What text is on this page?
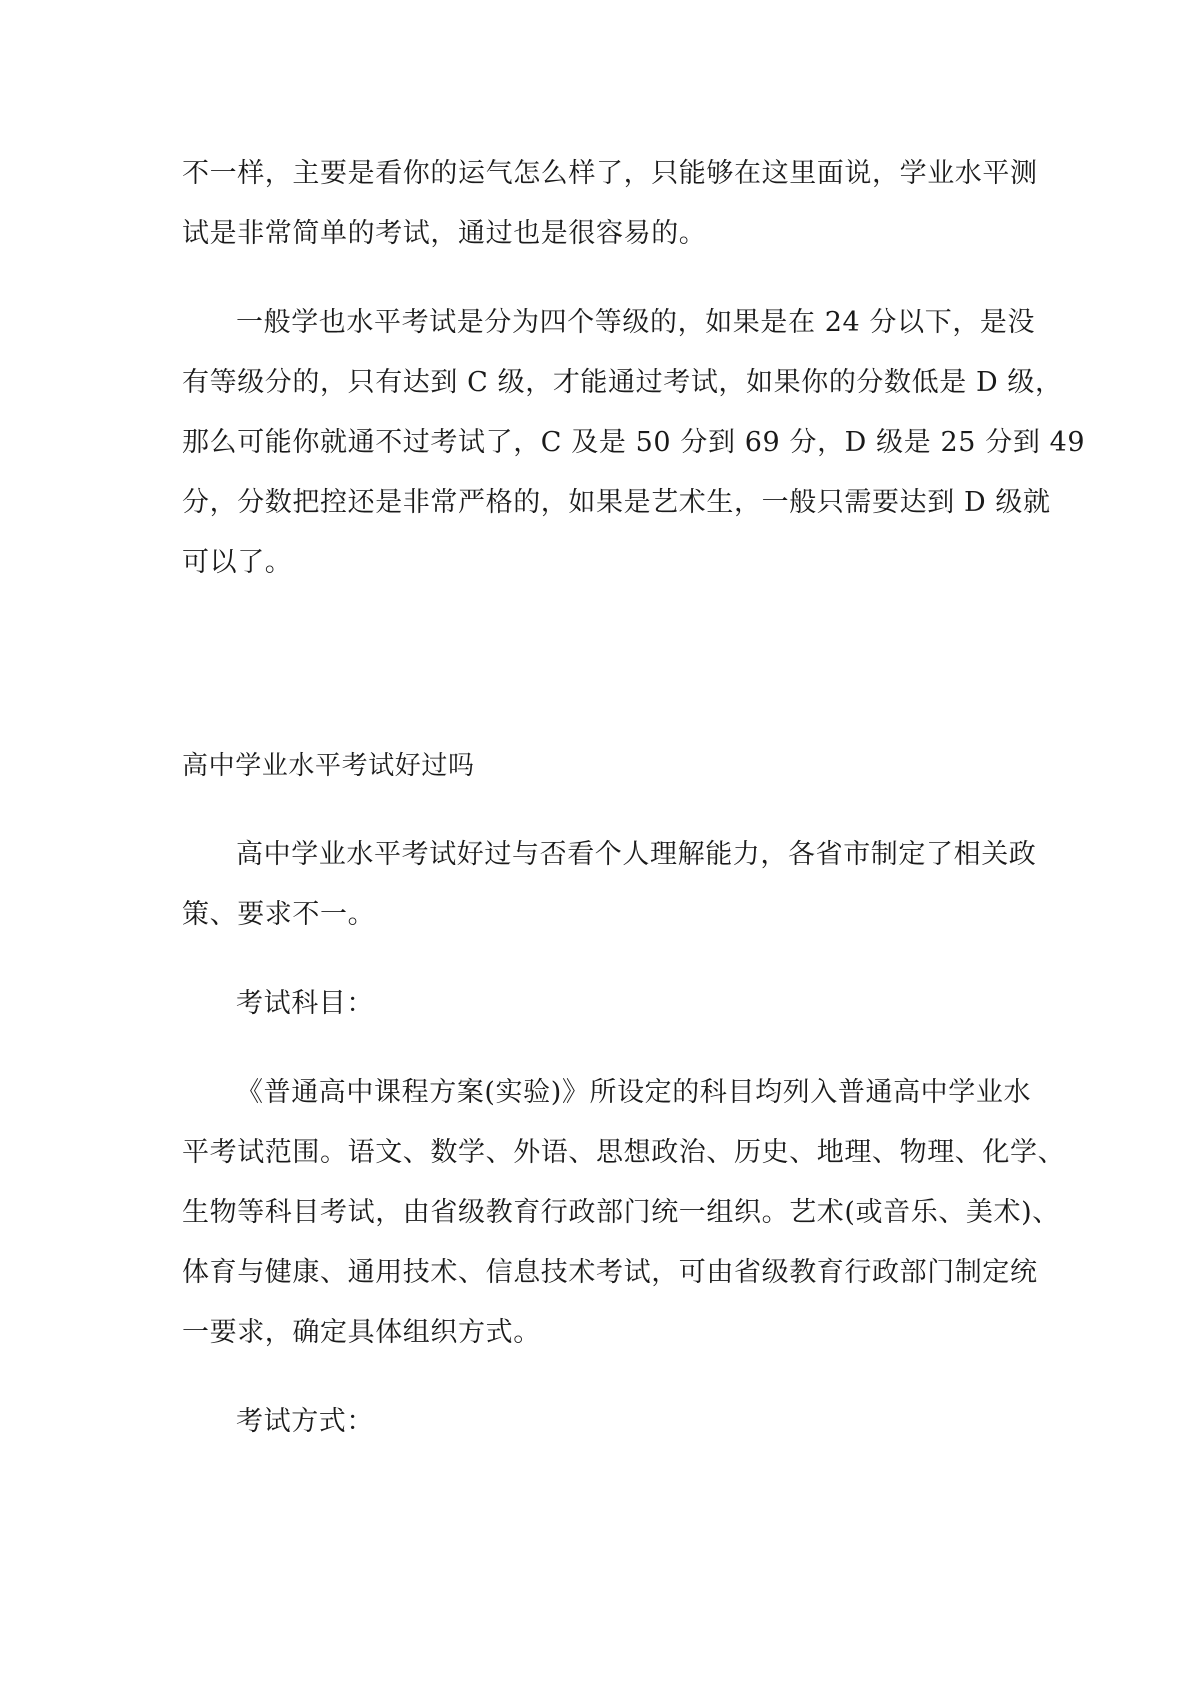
不一样，主要是看你的运气怎么样了，只能够在这里面说，学业水平测
试是非常简单的考试，通过也是很容易的。
一般学也水平考试是分为四个等级的，如果是在 24 分以下，是没
有等级分的，只有达到 C 级，才能通过考试，如果你的分数低是 D 级，
那么可能你就通不过考试了，C 及是 50 分到 69 分，D 级是 25 分到 49
分，分数把控还是非常严格的，如果是艺术生，一般只需要达到 D 级就
可以了。
高中学业水平考试好过吗
高中学业水平考试好过与否看个人理解能力，各省市制定了相关政
策、要求不一。
考试科目：
《普通高中课程方案(实验)》所设定的科目均列入普通高中学业水
平考试范围。语文、数学、外语、思想政治、历史、地理、物理、化学、
生物等科目考试，由省级教育行政部门统一组织。艺术(或音乐、美术)、
体育与健康、通用技术、信息技术考试，可由省级教育行政部门制定统
一要求，确定具体组织方式。
考试方式：
